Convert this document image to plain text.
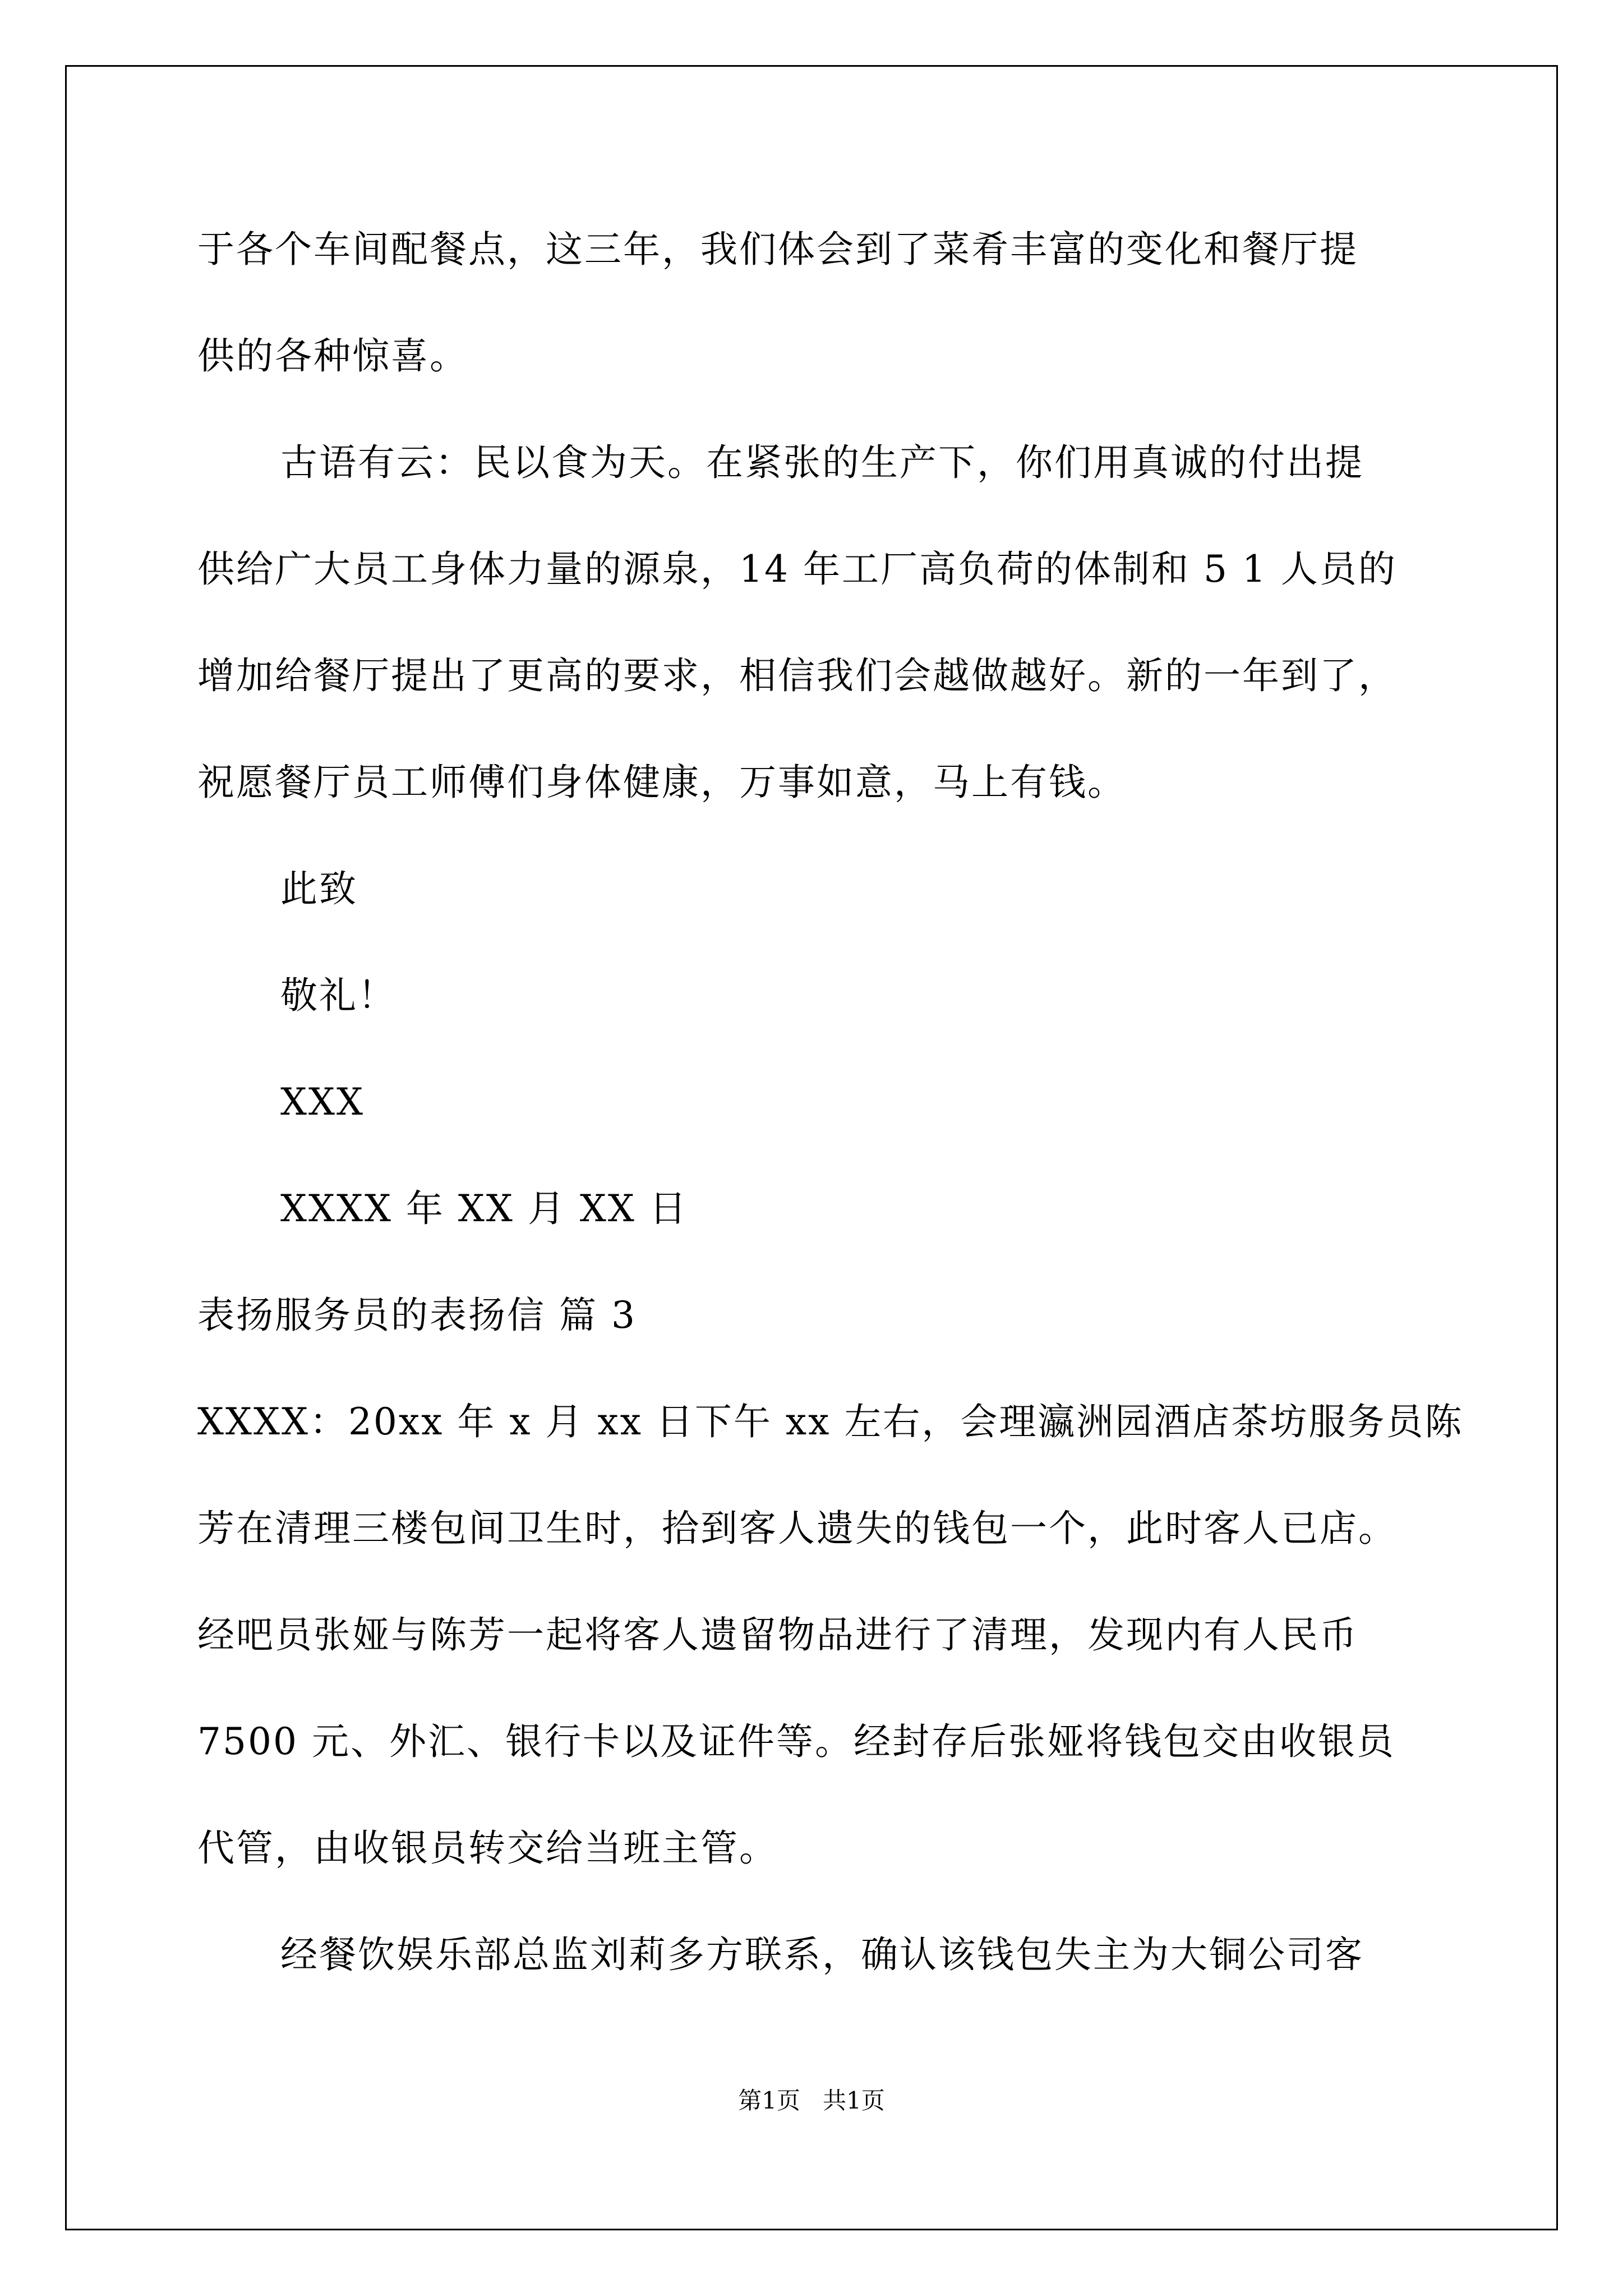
于各个车间配餐点，这三年，我们体会到了菜肴丰富的变化和餐厅提
供的各种惊喜。
古语有云：民以食为天。在紧张的生产下，你们用真诚的付出提
供给广大员工身体力量的源泉，14 年工厂高负荷的体制和 5 1 人员的
增加给餐厅提出了更高的要求，相信我们会越做越好。新的一年到了，
祝愿餐厅员工师傅们身体健康，万事如意，马上有钱。
此致
敬礼！
XXX
XXXX 年 XX 月 XX 日
表扬服务员的表扬信 篇 3
XXXX：20xx 年 x 月 xx 日下午 xx 左右，会理瀛洲园酒店茶坊服务员陈
芳在清理三楼包间卫生时，拾到客人遗失的钱包一个，此时客人已店。
经吧员张娅与陈芳一起将客人遗留物品进行了清理，发现内有人民币
7500 元、外汇、银行卡以及证件等。经封存后张娅将钱包交由收银员
代管，由收银员转交给当班主管。
经餐饮娱乐部总监刘莉多方联系，确认该钱包失主为大铜公司客
第1页   共1页
